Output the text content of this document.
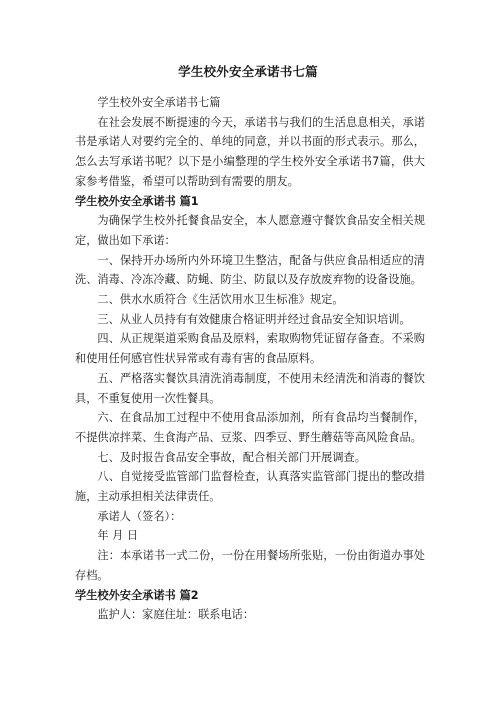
学生校外安全承诺书七篇

学生校外安全承诺书七篇

在社会发展不断提速的今天，承诺书与我们的生活息息相关，承诺书是承诺人对要约完全的、单纯的同意，并以书面的形式表示。那么，怎么去写承诺书呢？以下是小编整理的学生校外安全承诺书7篇，供大家参考借鉴，希望可以帮助到有需要的朋友。

学生校外安全承诺书 篇1

为确保学生校外托餐食品安全，本人愿意遵守餐饮食品安全相关规定，做出如下承诺：

一、保持开办场所内外环境卫生整洁，配备与供应食品相适应的清洗、消毒、冷冻冷藏、防蝇、防尘、防鼠以及存放废弃物的设备设施。

二、供水水质符合《生活饮用水卫生标准》规定。

三、从业人员持有有效健康合格证明并经过食品安全知识培训。

四、从正规渠道采购食品及原料，索取购物凭证留存备查。不采购和使用任何感官性状异常或有毒有害的食品原料。

五、严格落实餐饮具清洗消毒制度，不使用未经清洗和消毒的餐饮具，不重复使用一次性餐具。

六、在食品加工过程中不使用食品添加剂，所有食品均当餐制作，不提供凉拌菜、生食海产品、豆浆、四季豆、野生蘑菇等高风险食品。

七、及时报告食品安全事故，配合相关部门开展调查。

八、自觉接受监管部门监督检查，认真落实监管部门提出的整改措施，主动承担相关法律责任。

承诺人（签名）：

年 月 日

注：本承诺书一式二份，一份在用餐场所张贴，一份由街道办事处存档。

学生校外安全承诺书 篇2

监护人：家庭住址：联系电话：
